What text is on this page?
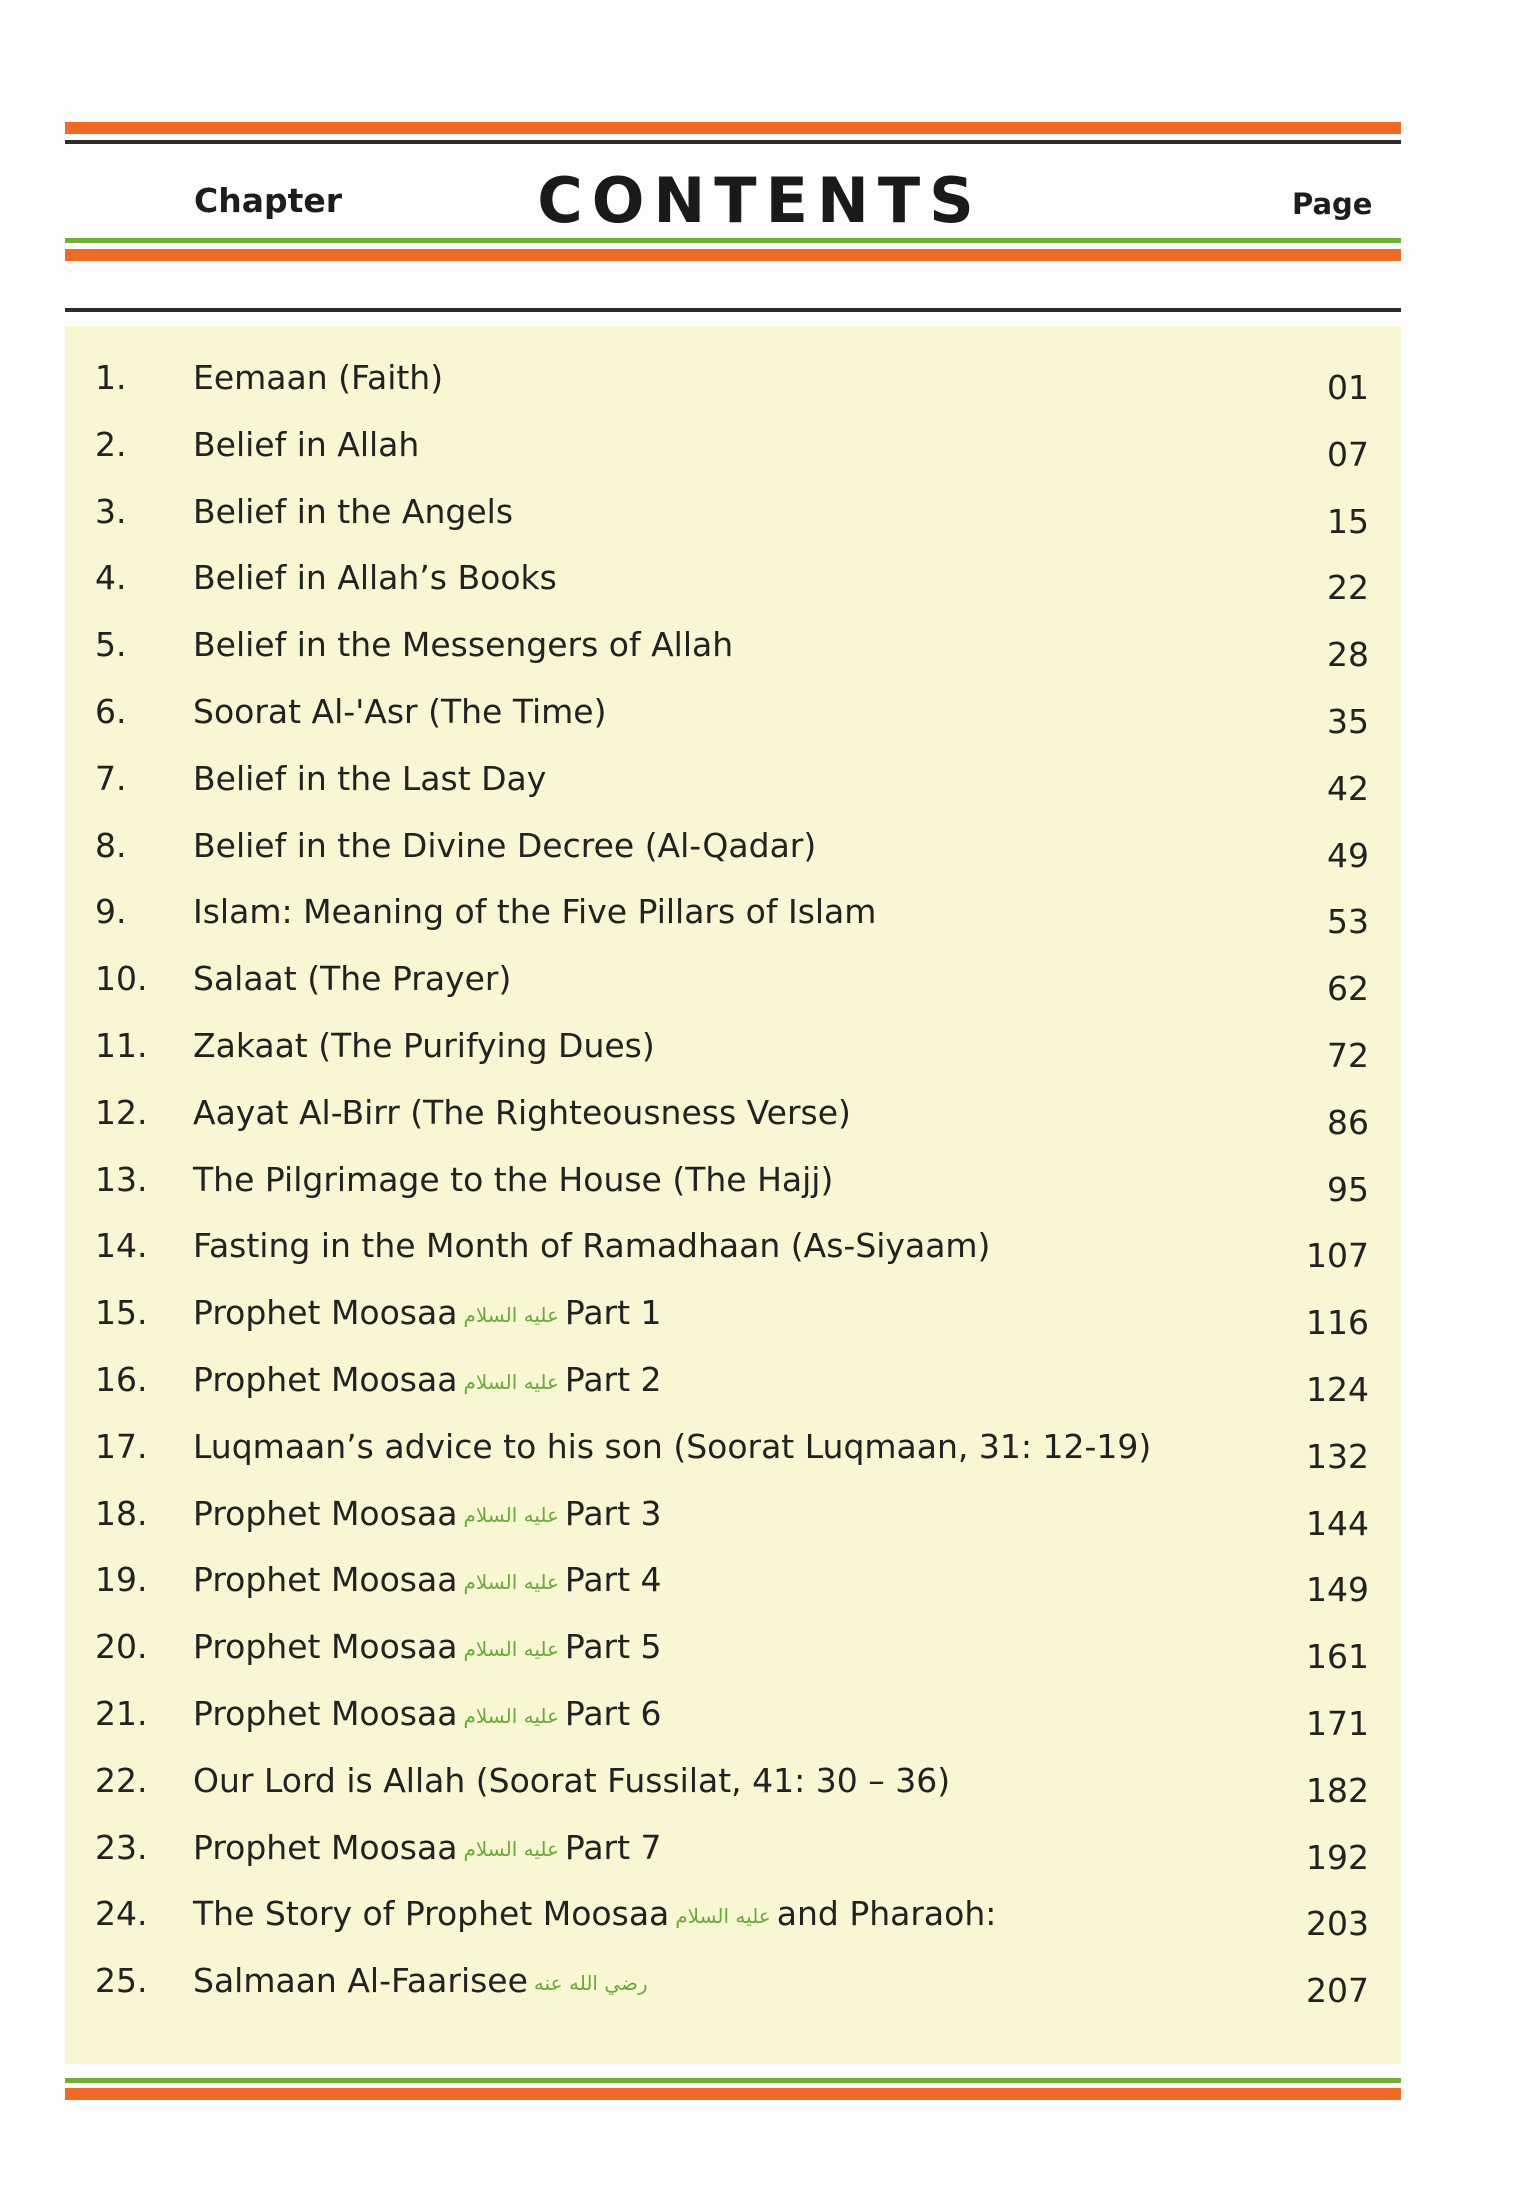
Chapter	CONTENTS	Page
1. Eemaan (Faith)	01
2. Belief in Allah	07
3. Belief in the Angels	15
4. Belief in Allah’s Books	22
5. Belief in the Messengers of Allah	28
6. Soorat Al-'Asr (The Time)	35
7. Belief in the Last Day	42
8. Belief in the Divine Decree (Al-Qadar)	49
9. Islam: Meaning of the Five Pillars of Islam	53
10. Salaat (The Prayer)	62
11. Zakaat (The Purifying Dues)	72
12. Aayat Al-Birr (The Righteousness Verse)	86
13. The Pilgrimage to the House (The Hajj)	95
14. Fasting in the Month of Ramadhaan (As-Siyaam)	107
15. Prophet Moosaa عليه السلام Part 1	116
16. Prophet Moosaa عليه السلام Part 2	124
17. Luqmaan’s advice to his son (Soorat Luqmaan, 31: 12-19)	132
18. Prophet Moosaa عليه السلام Part 3	144
19. Prophet Moosaa عليه السلام Part 4	149
20. Prophet Moosaa عليه السلام Part 5	161
21. Prophet Moosaa عليه السلام Part 6	171
22. Our Lord is Allah (Soorat Fussilat, 41: 30 – 36)	182
23. Prophet Moosaa عليه السلام Part 7	192
24. The Story of Prophet Moosaa عليه السلام and Pharaoh:	203
25. Salmaan Al-Faarisee رضي الله عنه	207
